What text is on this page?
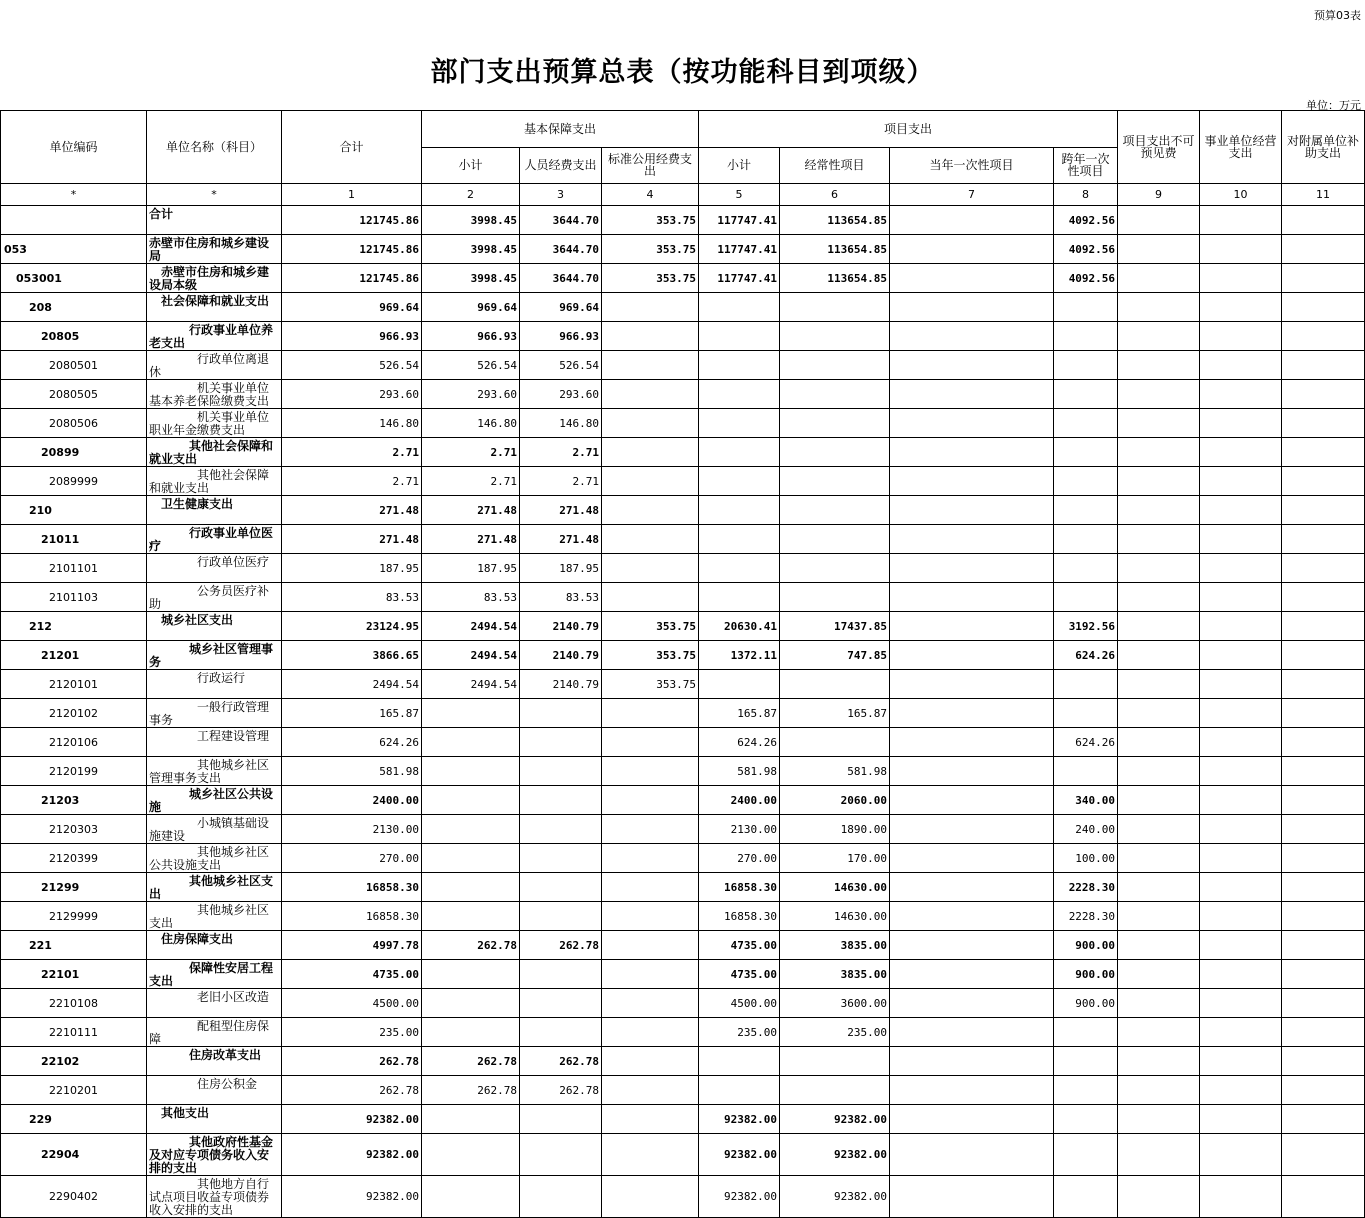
预算03表
部门支出预算总表（按功能科目到项级）
单位：万元
单位编码	单位名称（科目）	合计	基本保障支出			项目支出				项目支出不可预见费	事业单位经营支出	对附属单位补助支出	
			小计	人员经费支出	标准公用经费支出	小计	经常性项目	当年一次性项目	跨年一次性项目				
*	*	1	2	3	4	5	6	7	8	9	10	11	
	合计	121745.86	3998.45	3644.70	353.75	117747.41	113654.85		4092.56				
053	赤壁市住房和城乡建设局	121745.86	3998.45	3644.70	353.75	117747.41	113654.85		4092.56				
053001	赤壁市住房和城乡建设局本级	121745.86	3998.45	3644.70	353.75	117747.41	113654.85		4092.56				
208	社会保障和就业支出	969.64	969.64	969.64									
20805	行政事业单位养老支出	966.93	966.93	966.93									
2080501	行政单位离退休	526.54	526.54	526.54									
2080505	机关事业单位基本养老保险缴费支出	293.60	293.60	293.60									
2080506	机关事业单位职业年金缴费支出	146.80	146.80	146.80									
20899	其他社会保障和就业支出	2.71	2.71	2.71									
2089999	其他社会保障和就业支出	2.71	2.71	2.71									
210	卫生健康支出	271.48	271.48	271.48									
21011	行政事业单位医疗	271.48	271.48	271.48									
2101101	行政单位医疗	187.95	187.95	187.95									
2101103	公务员医疗补助	83.53	83.53	83.53									
212	城乡社区支出	23124.95	2494.54	2140.79	353.75	20630.41	17437.85		3192.56				
21201	城乡社区管理事务	3866.65	2494.54	2140.79	353.75	1372.11	747.85		624.26				
2120101	行政运行	2494.54	2494.54	2140.79	353.75								
2120102	一般行政管理事务	165.87				165.87	165.87						
2120106	工程建设管理	624.26				624.26			624.26				
2120199	其他城乡社区管理事务支出	581.98				581.98	581.98						
21203	城乡社区公共设施	2400.00				2400.00	2060.00		340.00				
2120303	小城镇基础设施建设	2130.00				2130.00	1890.00		240.00				
2120399	其他城乡社区公共设施支出	270.00				270.00	170.00		100.00				
21299	其他城乡社区支出	16858.30				16858.30	14630.00		2228.30				
2129999	其他城乡社区支出	16858.30				16858.30	14630.00		2228.30				
221	住房保障支出	4997.78	262.78	262.78		4735.00	3835.00		900.00				
22101	保障性安居工程支出	4735.00				4735.00	3835.00		900.00				
2210108	老旧小区改造	4500.00				4500.00	3600.00		900.00				
2210111	配租型住房保障	235.00				235.00	235.00						
22102	住房改革支出	262.78	262.78	262.78									
2210201	住房公积金	262.78	262.78	262.78									
229	其他支出	92382.00				92382.00	92382.00						
22904	其他政府性基金及对应专项债务收入安排的支出	92382.00				92382.00	92382.00						
2290402	其他地方自行试点项目收益专项债券收入安排的支出	92382.00				92382.00	92382.00						
